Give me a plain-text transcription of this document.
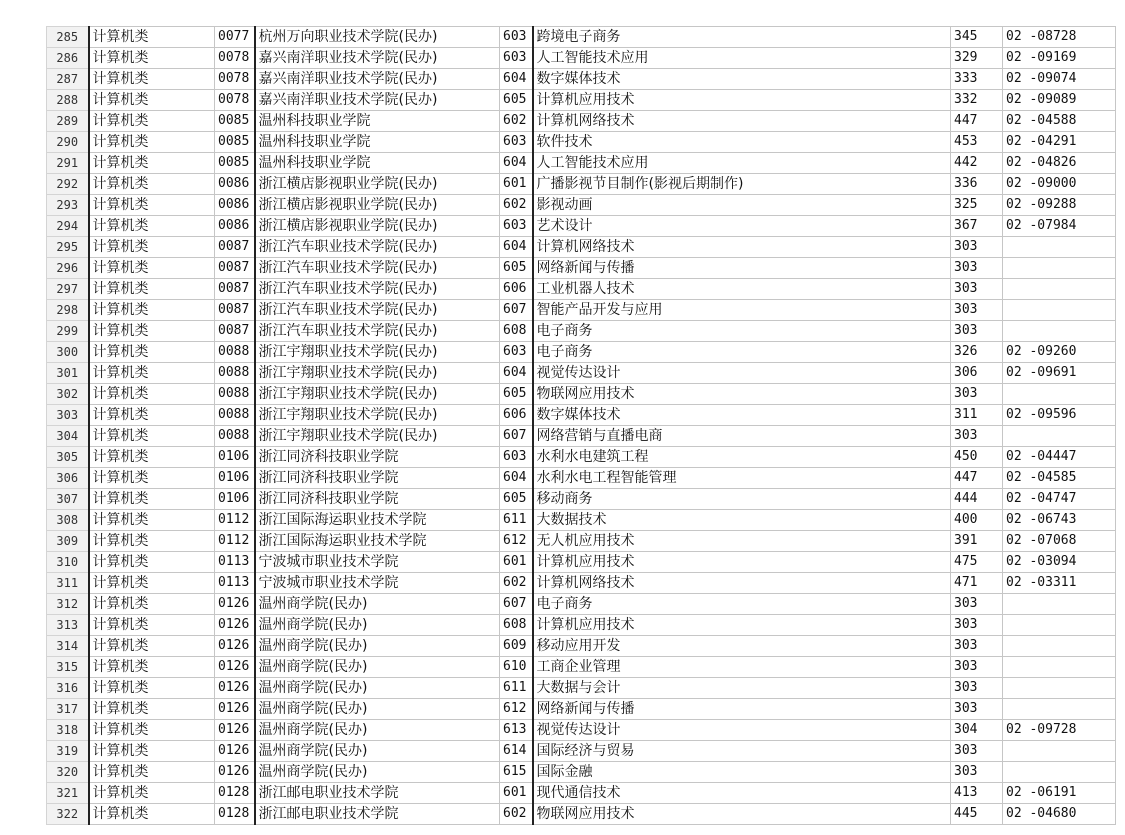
285	计算机类	0077	杭州万向职业技术学院(民办)	603	跨境电子商务	345	02 -08728
286	计算机类	0078	嘉兴南洋职业技术学院(民办)	603	人工智能技术应用	329	02 -09169
287	计算机类	0078	嘉兴南洋职业技术学院(民办)	604	数字媒体技术	333	02 -09074
288	计算机类	0078	嘉兴南洋职业技术学院(民办)	605	计算机应用技术	332	02 -09089
289	计算机类	0085	温州科技职业学院	602	计算机网络技术	447	02 -04588
290	计算机类	0085	温州科技职业学院	603	软件技术	453	02 -04291
291	计算机类	0085	温州科技职业学院	604	人工智能技术应用	442	02 -04826
292	计算机类	0086	浙江横店影视职业学院(民办)	601	广播影视节目制作(影视后期制作)	336	02 -09000
293	计算机类	0086	浙江横店影视职业学院(民办)	602	影视动画	325	02 -09288
294	计算机类	0086	浙江横店影视职业学院(民办)	603	艺术设计	367	02 -07984
295	计算机类	0087	浙江汽车职业技术学院(民办)	604	计算机网络技术	303	
296	计算机类	0087	浙江汽车职业技术学院(民办)	605	网络新闻与传播	303	
297	计算机类	0087	浙江汽车职业技术学院(民办)	606	工业机器人技术	303	
298	计算机类	0087	浙江汽车职业技术学院(民办)	607	智能产品开发与应用	303	
299	计算机类	0087	浙江汽车职业技术学院(民办)	608	电子商务	303	
300	计算机类	0088	浙江宇翔职业技术学院(民办)	603	电子商务	326	02 -09260
301	计算机类	0088	浙江宇翔职业技术学院(民办)	604	视觉传达设计	306	02 -09691
302	计算机类	0088	浙江宇翔职业技术学院(民办)	605	物联网应用技术	303	
303	计算机类	0088	浙江宇翔职业技术学院(民办)	606	数字媒体技术	311	02 -09596
304	计算机类	0088	浙江宇翔职业技术学院(民办)	607	网络营销与直播电商	303	
305	计算机类	0106	浙江同济科技职业学院	603	水利水电建筑工程	450	02 -04447
306	计算机类	0106	浙江同济科技职业学院	604	水利水电工程智能管理	447	02 -04585
307	计算机类	0106	浙江同济科技职业学院	605	移动商务	444	02 -04747
308	计算机类	0112	浙江国际海运职业技术学院	611	大数据技术	400	02 -06743
309	计算机类	0112	浙江国际海运职业技术学院	612	无人机应用技术	391	02 -07068
310	计算机类	0113	宁波城市职业技术学院	601	计算机应用技术	475	02 -03094
311	计算机类	0113	宁波城市职业技术学院	602	计算机网络技术	471	02 -03311
312	计算机类	0126	温州商学院(民办)	607	电子商务	303	
313	计算机类	0126	温州商学院(民办)	608	计算机应用技术	303	
314	计算机类	0126	温州商学院(民办)	609	移动应用开发	303	
315	计算机类	0126	温州商学院(民办)	610	工商企业管理	303	
316	计算机类	0126	温州商学院(民办)	611	大数据与会计	303	
317	计算机类	0126	温州商学院(民办)	612	网络新闻与传播	303	
318	计算机类	0126	温州商学院(民办)	613	视觉传达设计	304	02 -09728
319	计算机类	0126	温州商学院(民办)	614	国际经济与贸易	303	
320	计算机类	0126	温州商学院(民办)	615	国际金融	303	
321	计算机类	0128	浙江邮电职业技术学院	601	现代通信技术	413	02 -06191
322	计算机类	0128	浙江邮电职业技术学院	602	物联网应用技术	445	02 -04680
